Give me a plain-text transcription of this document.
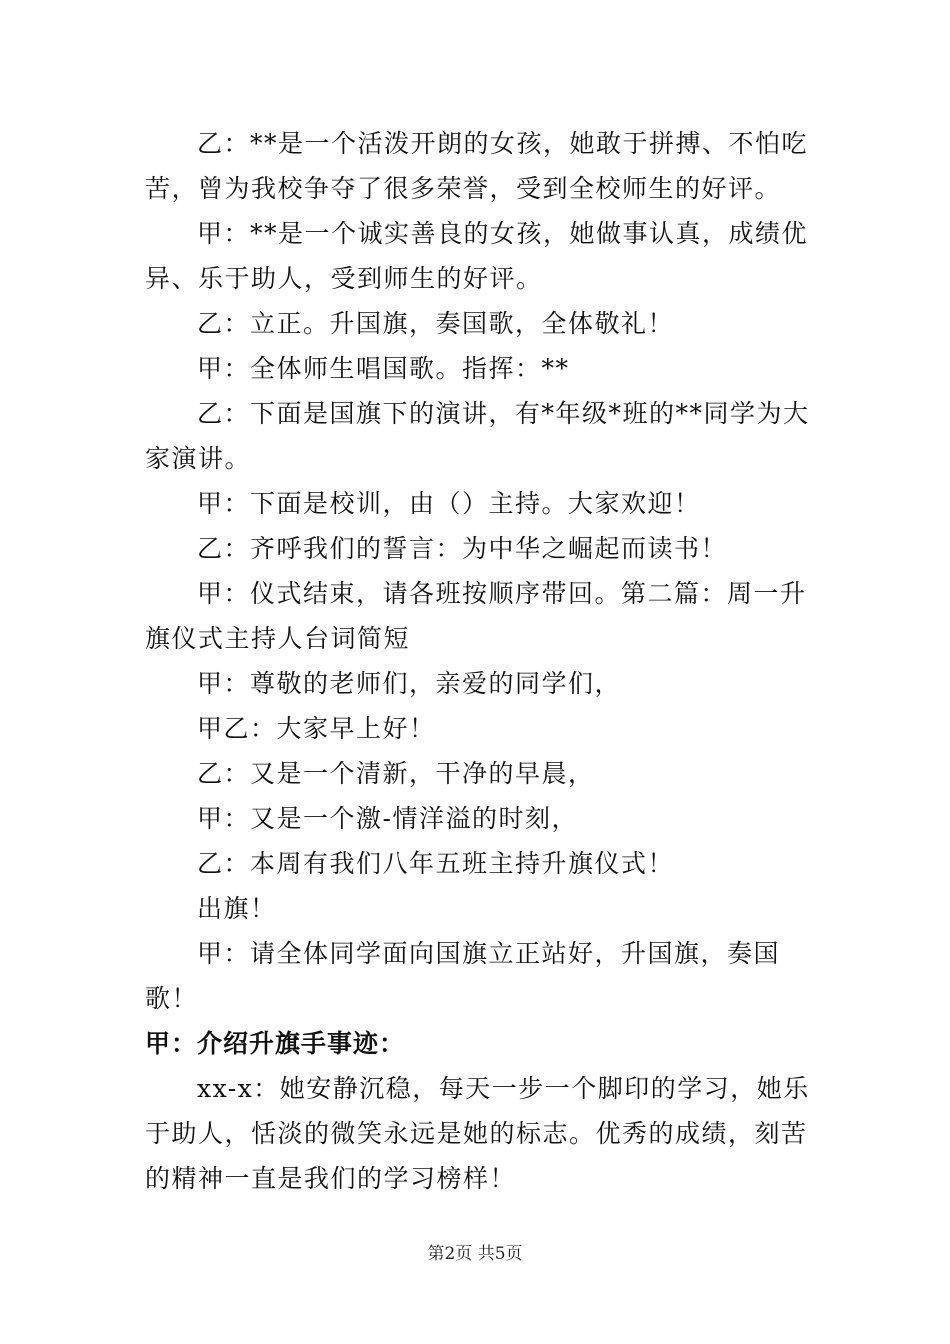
乙：**是一个活泼开朗的女孩，她敢于拼搏、不怕吃苦，曾为我校争夺了很多荣誉，受到全校师生的好评。

甲：**是一个诚实善良的女孩，她做事认真，成绩优异、乐于助人，受到师生的好评。

乙：立正。升国旗，奏国歌，全体敬礼！

甲：全体师生唱国歌。指挥：**

乙：下面是国旗下的演讲，有*年级*班的**同学为大家演讲。

甲：下面是校训，由（）主持。大家欢迎！

乙：齐呼我们的誓言：为中华之崛起而读书！

甲：仪式结束，请各班按顺序带回。第二篇：周一升旗仪式主持人台词简短

甲：尊敬的老师们，亲爱的同学们，

甲乙：大家早上好！

乙：又是一个清新，干净的早晨，

甲：又是一个激-情洋溢的时刻，

乙：本周有我们八年五班主持升旗仪式！

出旗！

甲：请全体同学面向国旗立正站好，升国旗，奏国歌！

甲：介绍升旗手事迹：

xx-x：她安静沉稳，每天一步一个脚印的学习，她乐于助人，恬淡的微笑永远是她的标志。优秀的成绩，刻苦的精神一直是我们的学习榜样！

第2页 共5页
